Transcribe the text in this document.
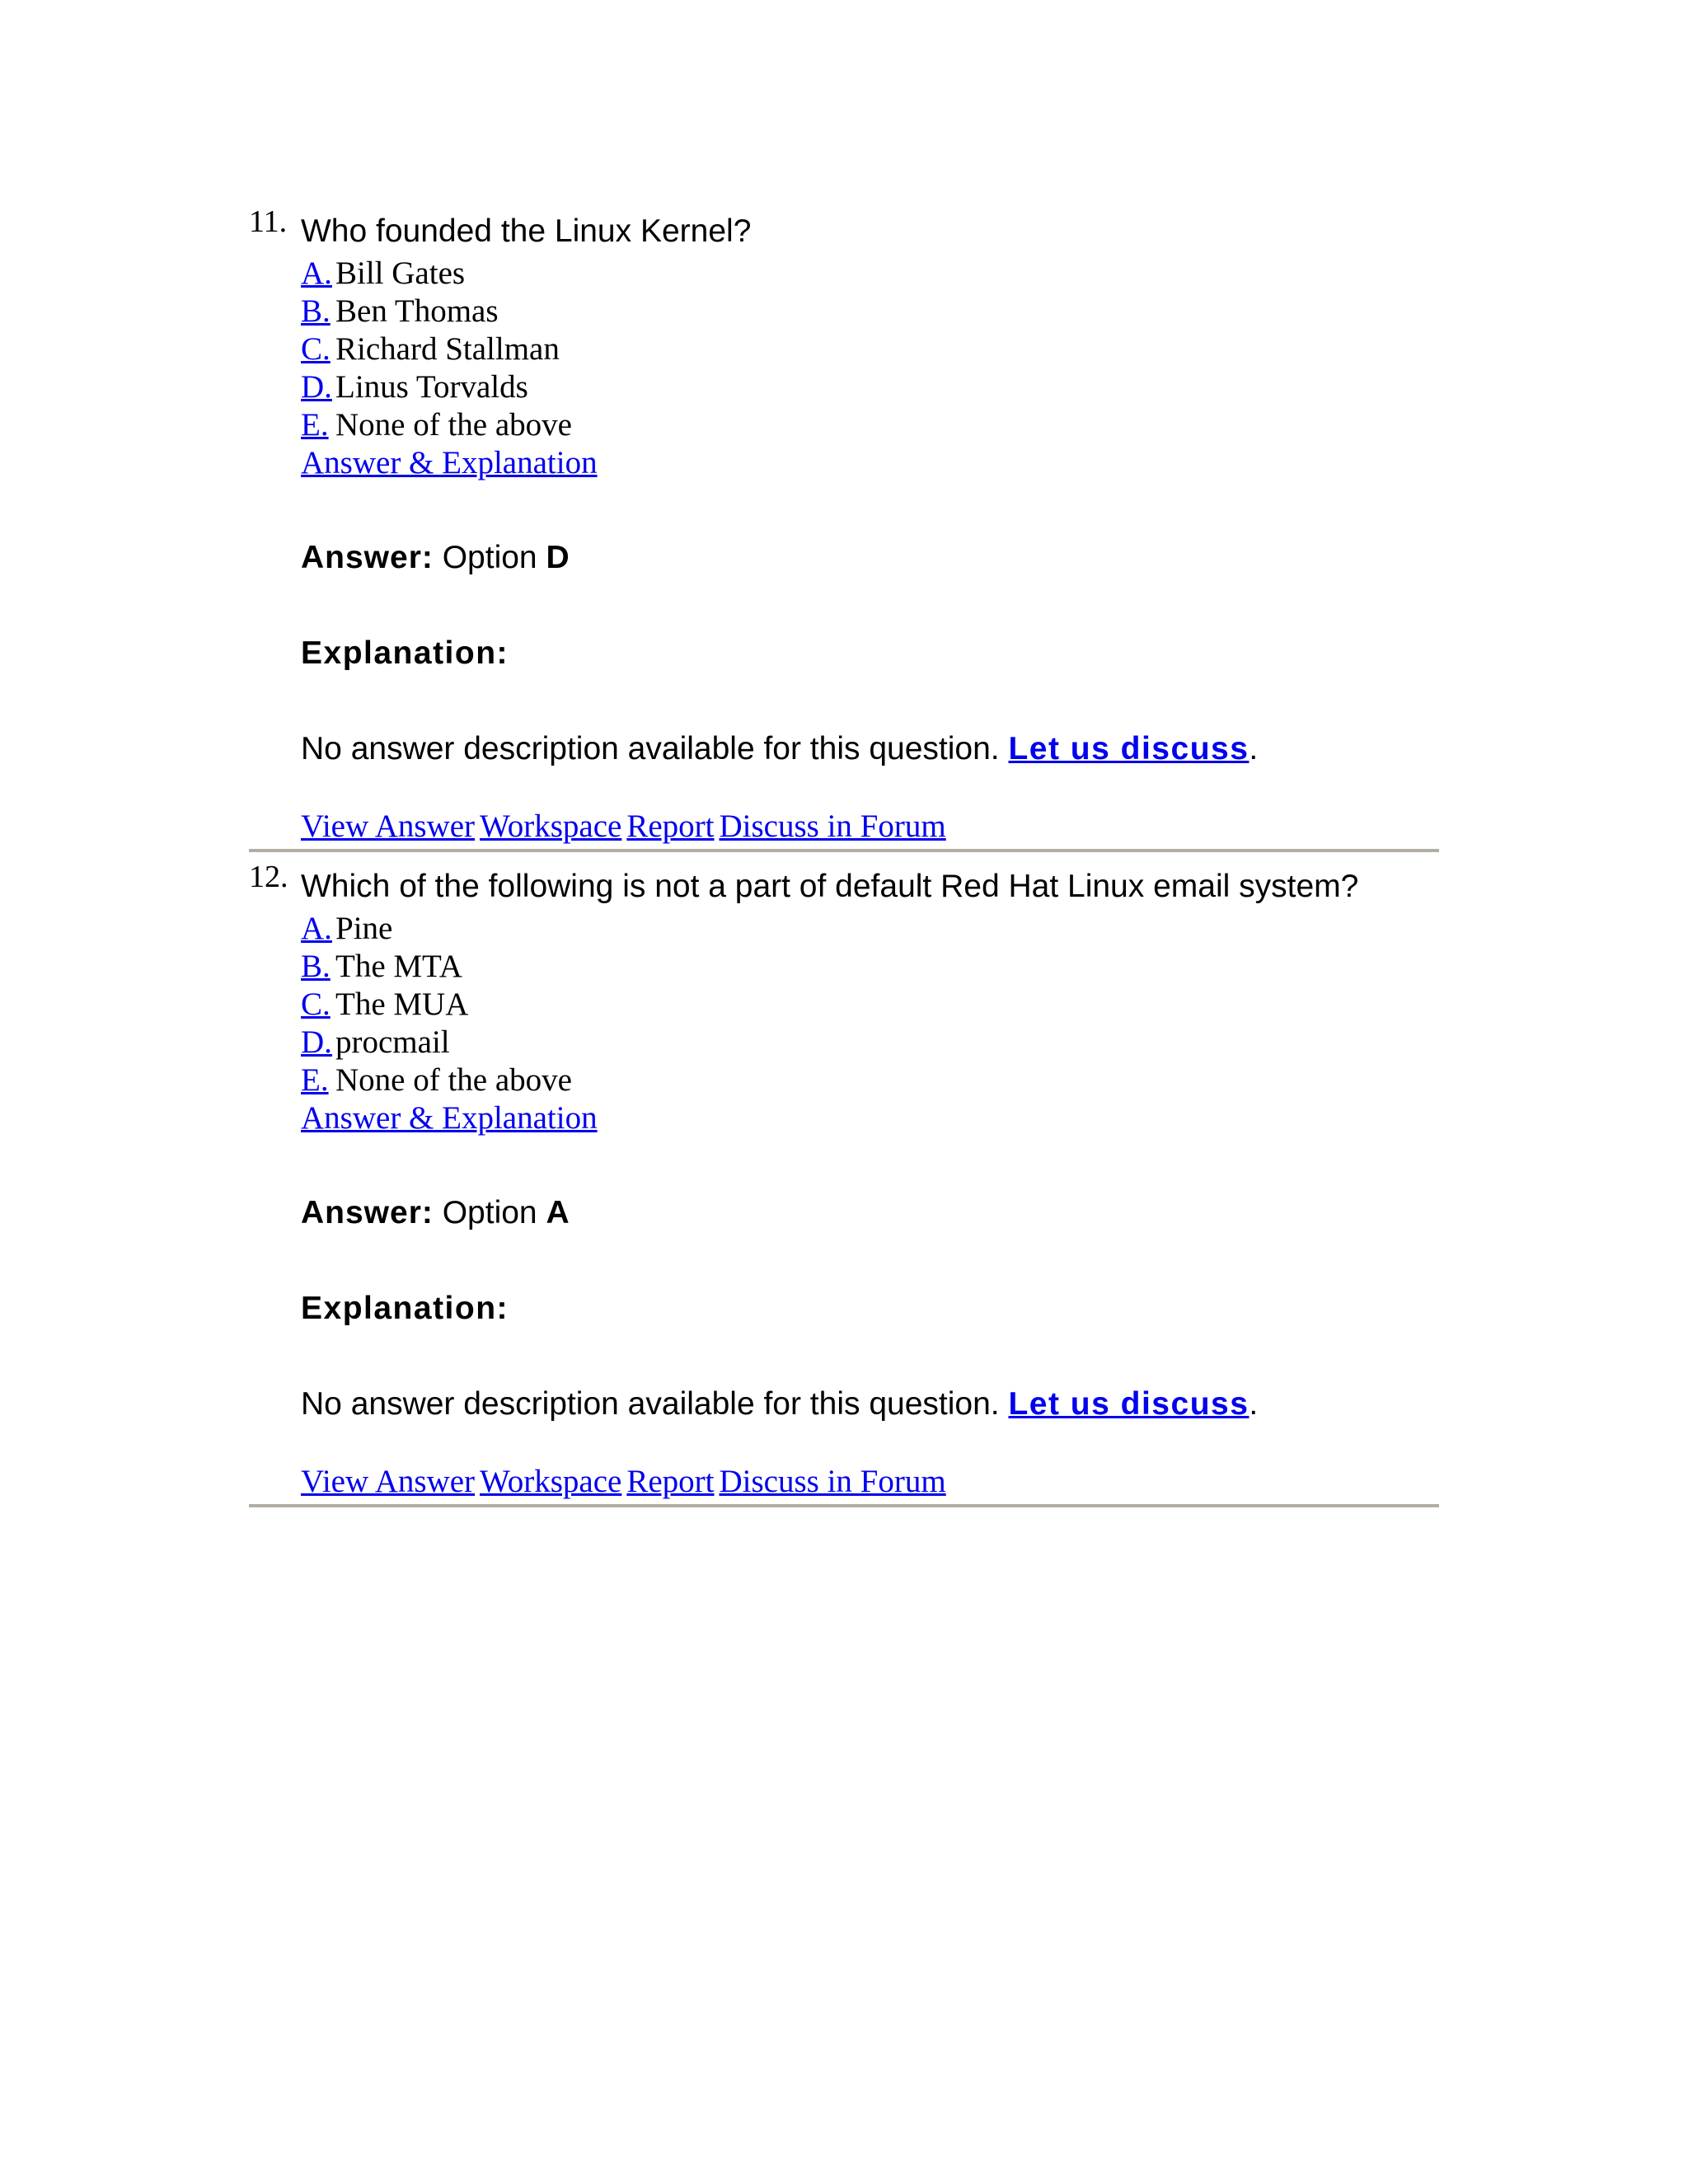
11. Who founded the Linux Kernel?
A. Bill Gates
B. Ben Thomas
C. Richard Stallman
D. Linus Torvalds
E. None of the above
Answer & Explanation
Answer: Option D
Explanation:
No answer description available for this question. Let us discuss.
View Answer Workspace Report Discuss in Forum
12. Which of the following is not a part of default Red Hat Linux email system?
A. Pine
B. The MTA
C. The MUA
D. procmail
E. None of the above
Answer & Explanation
Answer: Option A
Explanation:
No answer description available for this question. Let us discuss.
View Answer Workspace Report Discuss in Forum
